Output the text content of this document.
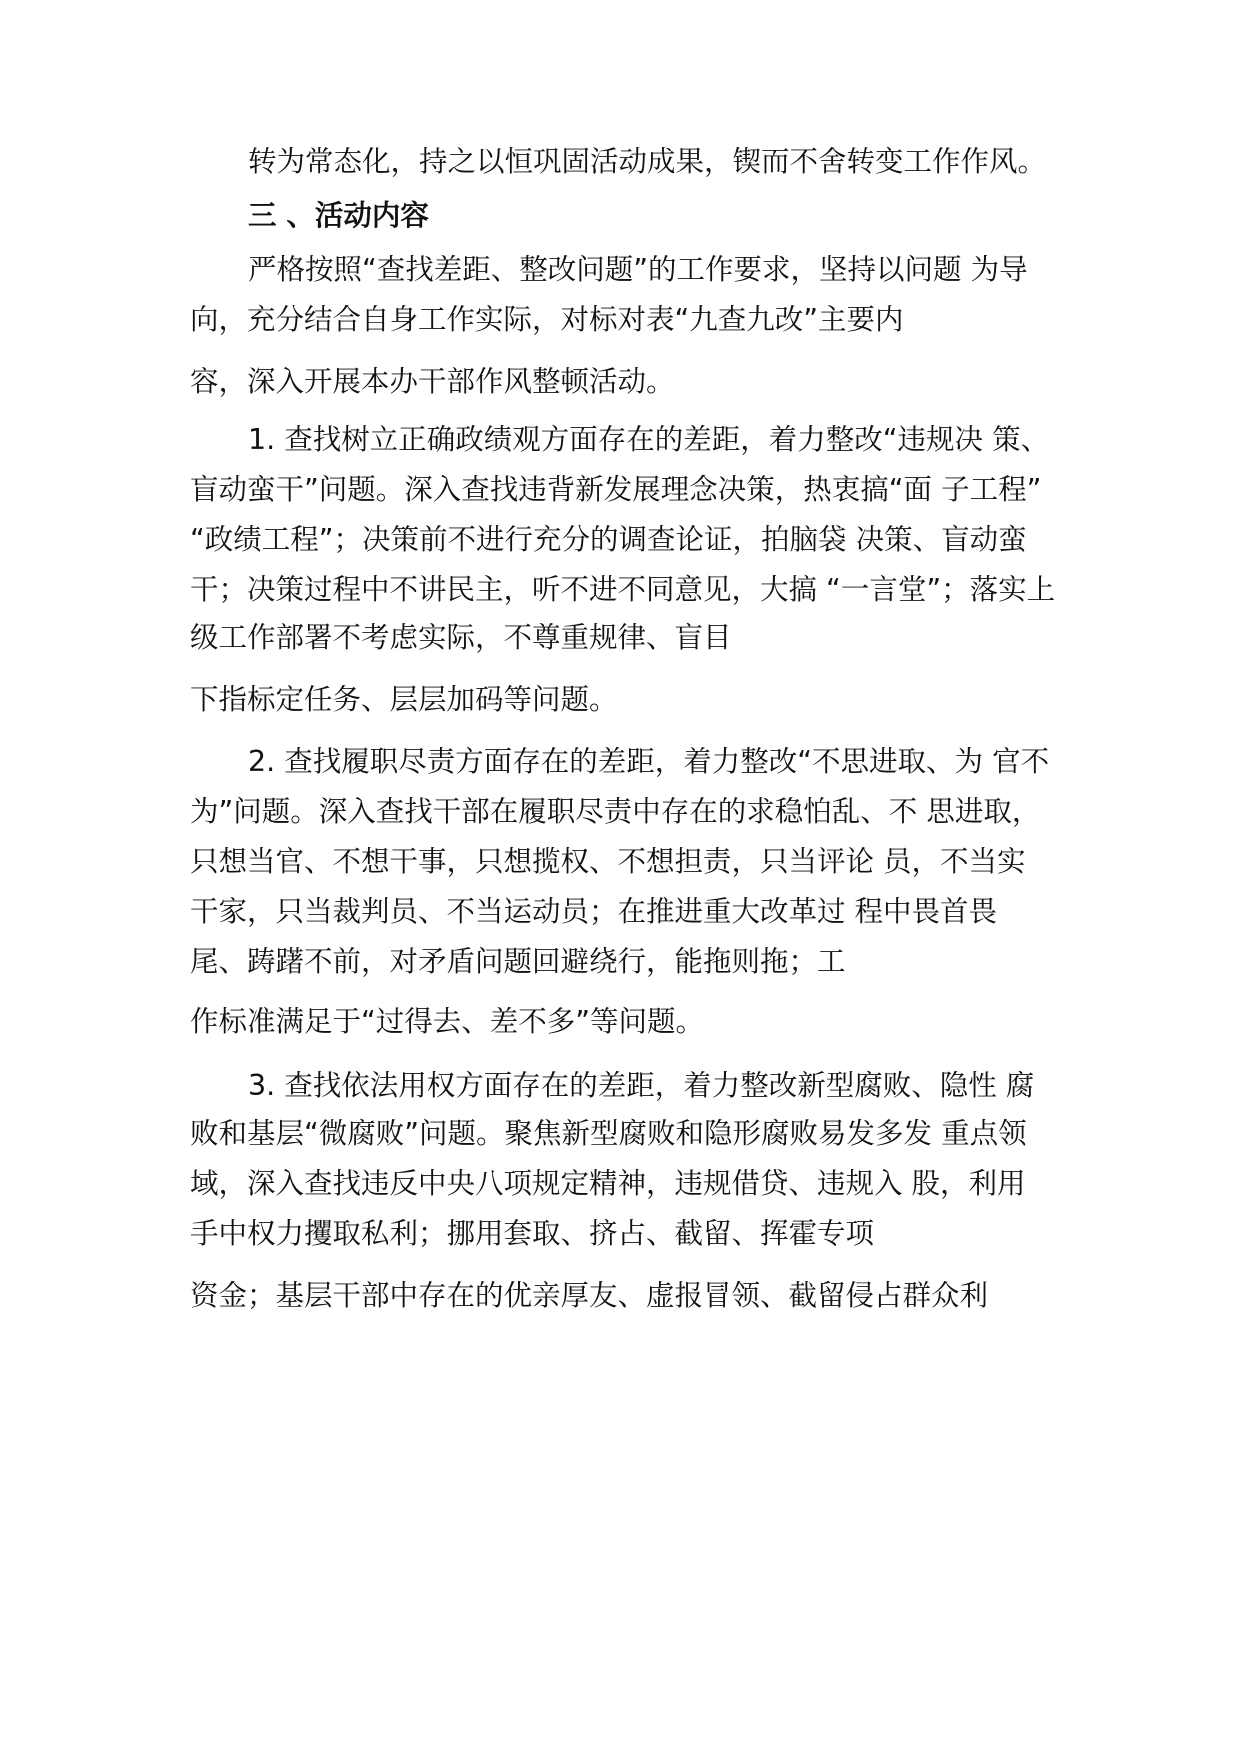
转为常态化，持之以恒巩固活动成果，锲而不舍转变工作作风。

三 、活动内容

严格按照“查找差距、整改问题”的工作要求，坚持以问题 为导

向，充分结合自身工作实际，对标对表“九查九改”主要内

容，深入开展本办干部作风整顿活动。

1. 查找树立正确政绩观方面存在的差距，着力整改“违规决 策、

盲动蛮干”问题。深入查找违背新发展理念决策，热衷搞“面 子工程”

“政绩工程”；决策前不进行充分的调查论证，拍脑袋 决策、盲动蛮

干；决策过程中不讲民主，听不进不同意见，大搞 “一言堂”；落实上

级工作部署不考虑实际，不尊重规律、盲目

下指标定任务、层层加码等问题。

2. 查找履职尽责方面存在的差距，着力整改“不思进取、为 官不

为”问题。深入查找干部在履职尽责中存在的求稳怕乱、不 思进取，

只想当官、不想干事，只想揽权、不想担责，只当评论 员，不当实

干家，只当裁判员、不当运动员；在推进重大改革过 程中畏首畏

尾、踌躇不前，对矛盾问题回避绕行，能拖则拖；工

作标准满足于“过得去、差不多”等问题。

3. 查找依法用权方面存在的差距，着力整改新型腐败、隐性 腐

败和基层“微腐败”问题。聚焦新型腐败和隐形腐败易发多发 重点领

域，深入查找违反中央八项规定精神，违规借贷、违规入 股，利用

手中权力攫取私利；挪用套取、挤占、截留、挥霍专项

资金；基层干部中存在的优亲厚友、虚报冒领、截留侵占群众利
